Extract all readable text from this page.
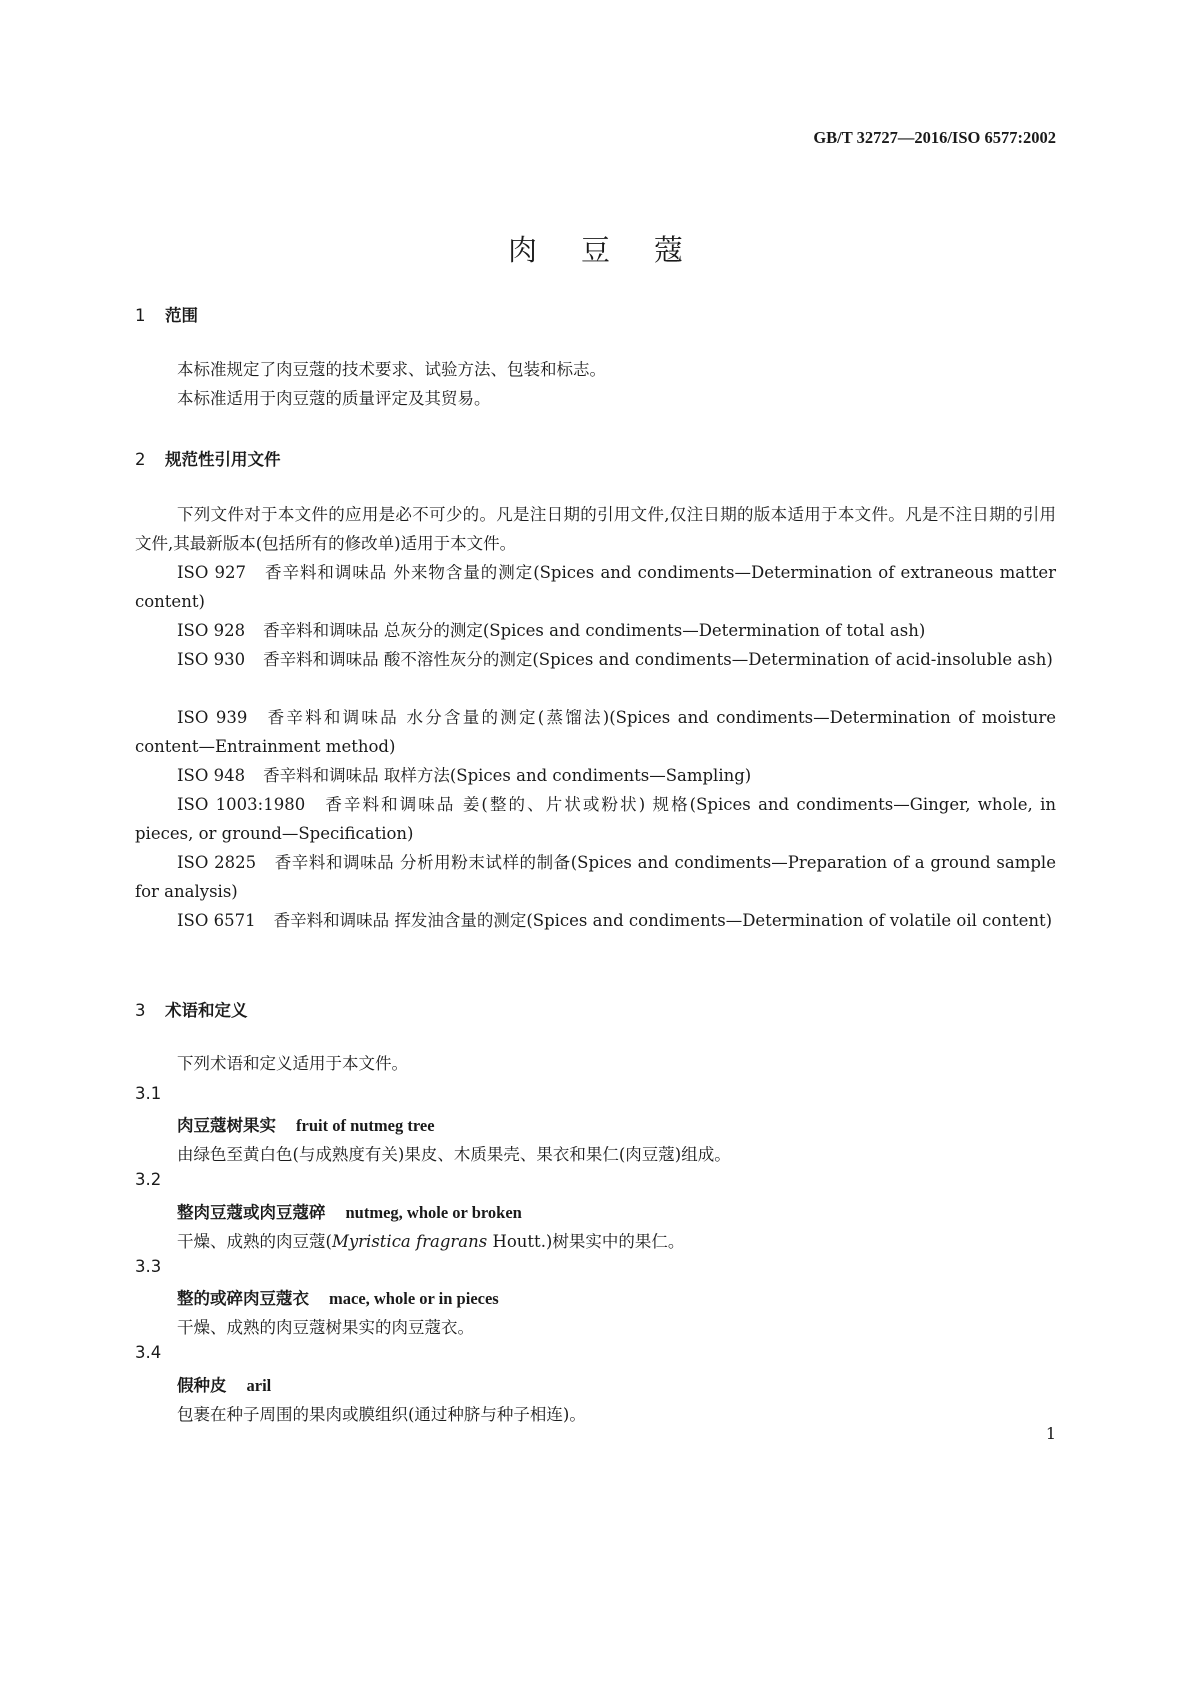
GB/T 32727—2016/ISO 6577:2002
肉豆蔻
1 范围
本标准规定了肉豆蔻的技术要求、试验方法、包装和标志。
本标准适用于肉豆蔻的质量评定及其贸易。
2 规范性引用文件
下列文件对于本文件的应用是必不可少的。凡是注日期的引用文件,仅注日期的版本适用于本文件。凡是不注日期的引用文件,其最新版本(包括所有的修改单)适用于本文件。
ISO 927 香辛料和调味品 外来物含量的测定(Spices and condiments—Determination of extraneous matter content)
ISO 928 香辛料和调味品 总灰分的测定(Spices and condiments—Determination of total ash)
ISO 930 香辛料和调味品 酸不溶性灰分的测定(Spices and condiments—Determination of acid-insoluble ash)
ISO 939 香辛料和调味品 水分含量的测定(蒸馏法)(Spices and condiments—Determination of moisture content—Entrainment method)
ISO 948 香辛料和调味品 取样方法(Spices and condiments—Sampling)
ISO 1003:1980 香辛料和调味品 姜(整的、片状或粉状) 规格(Spices and condiments—Ginger, whole, in pieces, or ground—Specification)
ISO 2825 香辛料和调味品 分析用粉末试样的制备(Spices and condiments—Preparation of a ground sample for analysis)
ISO 6571 香辛料和调味品 挥发油含量的测定(Spices and condiments—Determination of volatile oil content)
3 术语和定义
下列术语和定义适用于本文件。
3.1
肉豆蔻树果实 fruit of nutmeg tree
由绿色至黄白色(与成熟度有关)果皮、木质果壳、果衣和果仁(肉豆蔻)组成。
3.2
整肉豆蔻或肉豆蔻碎 nutmeg, whole or broken
干燥、成熟的肉豆蔻(Myristica fragrans Houtt.)树果实中的果仁。
3.3
整的或碎肉豆蔻衣 mace, whole or in pieces
干燥、成熟的肉豆蔻树果实的肉豆蔻衣。
3.4
假种皮 aril
包裹在种子周围的果肉或膜组织(通过种脐与种子相连)。
1
